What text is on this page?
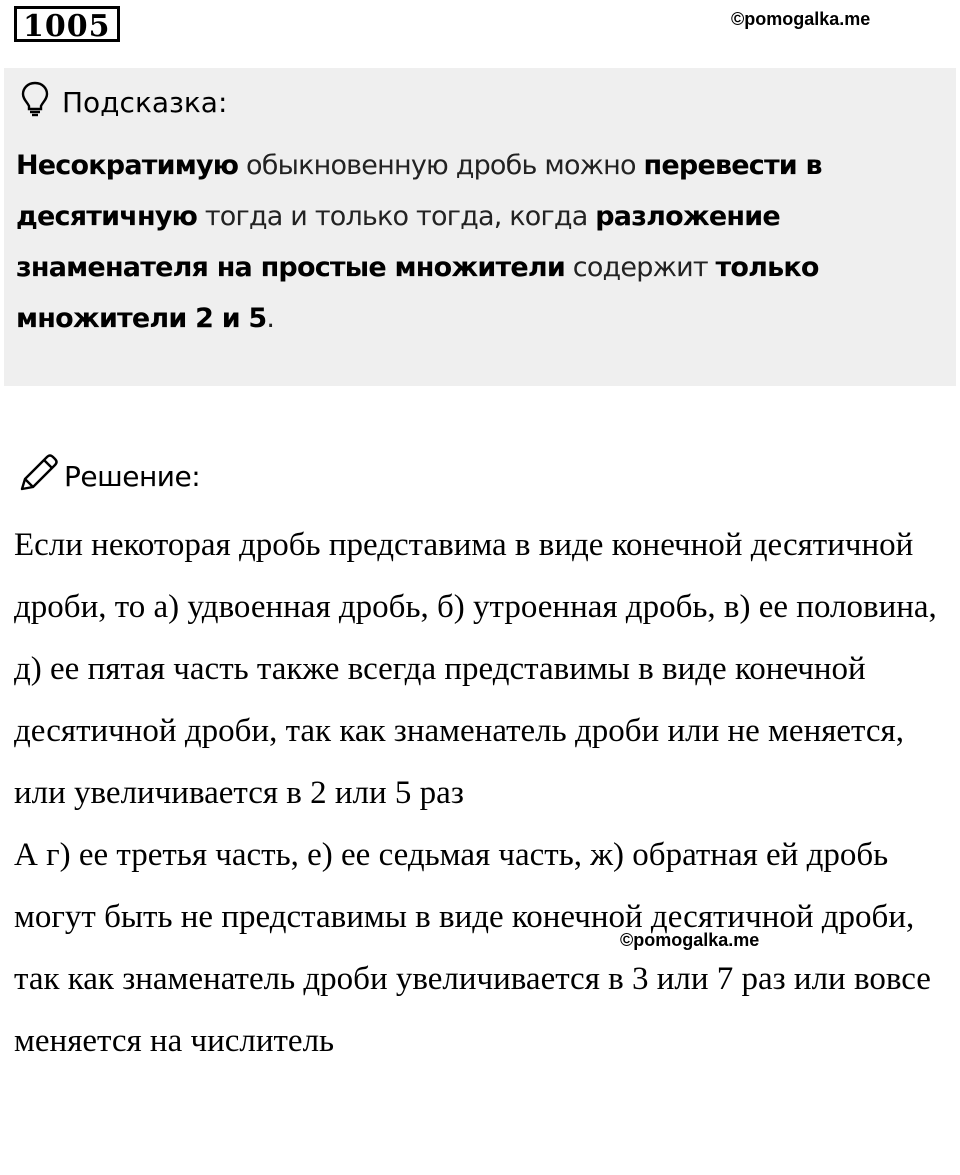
1005	©pomogalka.me
Подсказка:
Несократимую обыкновенную дробь можно перевести в десятичную тогда и только тогда, когда разложение знаменателя на простые множители содержит только множители 2 и 5.
Решение:

Если некоторая дробь представима в виде конечной десятичной дроби, то а) удвоенная дробь, б) утроенная дробь, в) ее половина, д) ее пятая часть также всегда представимы в виде конечной десятичной дроби, так как знаменатель дроби или не меняется, или увеличивается в 2 или 5 раз

А г) ее третья часть, е) ее седьмая часть, ж) обратная ей дробь могут быть не представимы в виде конечной десятичной дроби, так как знаменатель дроби увеличивается в 3 или 7 раз или вовсе меняется на числитель

©pomogalka.me
